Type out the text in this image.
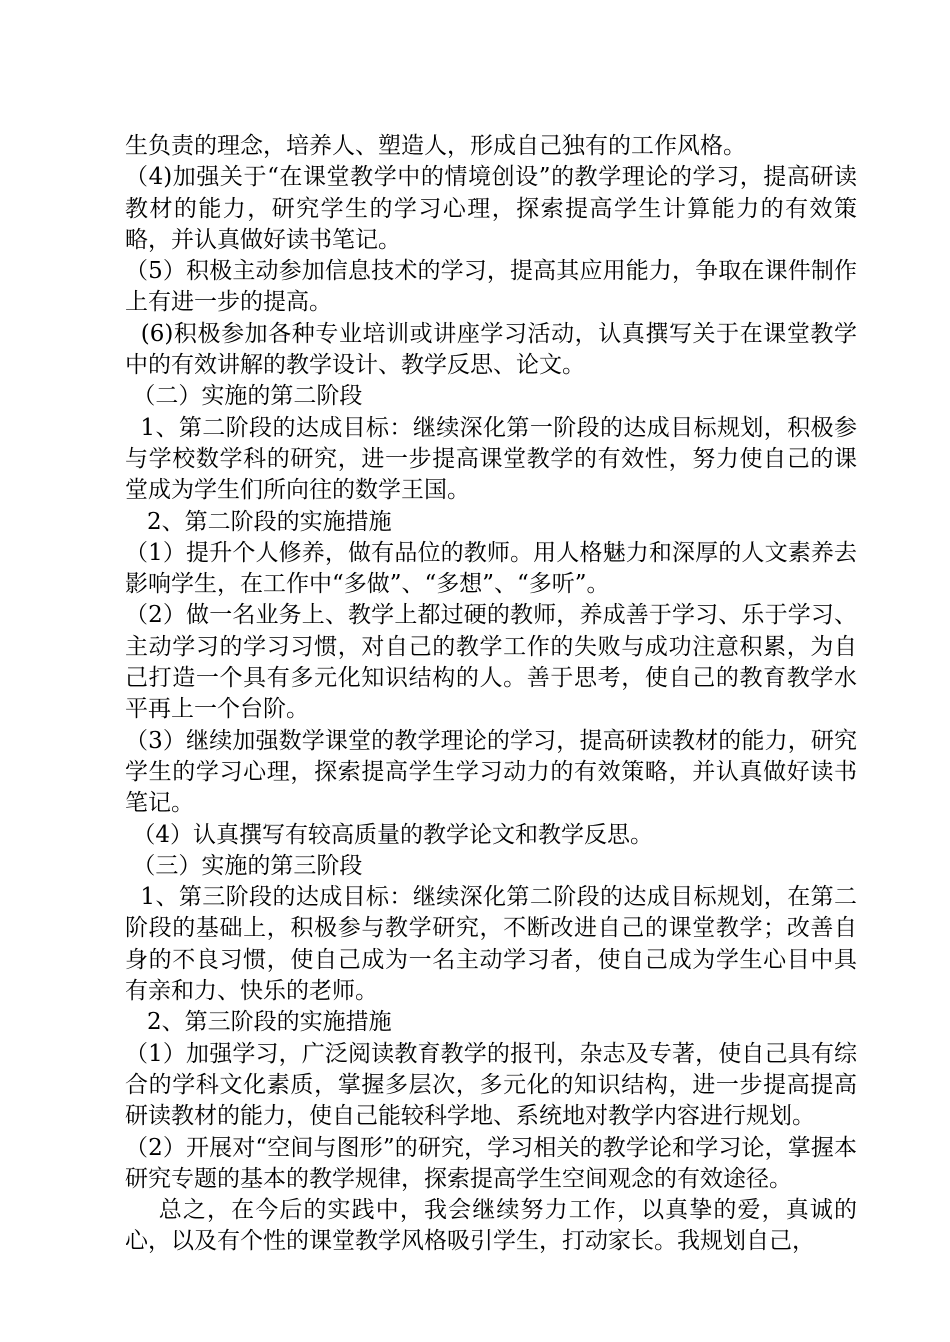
生负责的理念，培养人、塑造人，形成自己独有的工作风格。

（4)加强关于“在课堂教学中的情境创设”的教学理论的学习，提高研读教材的能力，研究学生的学习心理，探索提高学生计算能力的有效策略，并认真做好读书笔记。

（5）积极主动参加信息技术的学习，提高其应用能力，争取在课件制作上有进一步的提高。

(6)积极参加各种专业培训或讲座学习活动，认真撰写关于在课堂教学中的有效讲解的教学设计、教学反思、论文。

（二）实施的第二阶段

1、第二阶段的达成目标：继续深化第一阶段的达成目标规划，积极参与学校数学科的研究，进一步提高课堂教学的有效性，努力使自己的课堂成为学生们所向往的数学王国。

2、第二阶段的实施措施

（1）提升个人修养，做有品位的教师。用人格魅力和深厚的人文素养去影响学生，在工作中“多做”、“多想”、“多听”。

（2）做一名业务上、教学上都过硬的教师，养成善于学习、乐于学习、主动学习的学习习惯，对自己的教学工作的失败与成功注意积累，为自己打造一个具有多元化知识结构的人。善于思考，使自己的教育教学水平再上一个台阶。

（3）继续加强数学课堂的教学理论的学习，提高研读教材的能力，研究学生的学习心理，探索提高学生学习动力的有效策略，并认真做好读书笔记。

（4）认真撰写有较高质量的教学论文和教学反思。

（三）实施的第三阶段

1、第三阶段的达成目标：继续深化第二阶段的达成目标规划，在第二阶段的基础上，积极参与教学研究，不断改进自己的课堂教学；改善自身的不良习惯，使自己成为一名主动学习者，使自己成为学生心目中具有亲和力、快乐的老师。

2、第三阶段的实施措施

（1）加强学习，广泛阅读教育教学的报刊，杂志及专著，使自己具有综合的学科文化素质，掌握多层次，多元化的知识结构，进一步提高提高研读教材的能力，使自己能较科学地、系统地对教学内容进行规划。

（2）开展对“空间与图形”的研究，学习相关的教学论和学习论，掌握本研究专题的基本的教学规律，探索提高学生空间观念的有效途径。

总之，在今后的实践中，我会继续努力工作，以真挚的爱，真诚的心，以及有个性的课堂教学风格吸引学生，打动家长。我规划自己，
